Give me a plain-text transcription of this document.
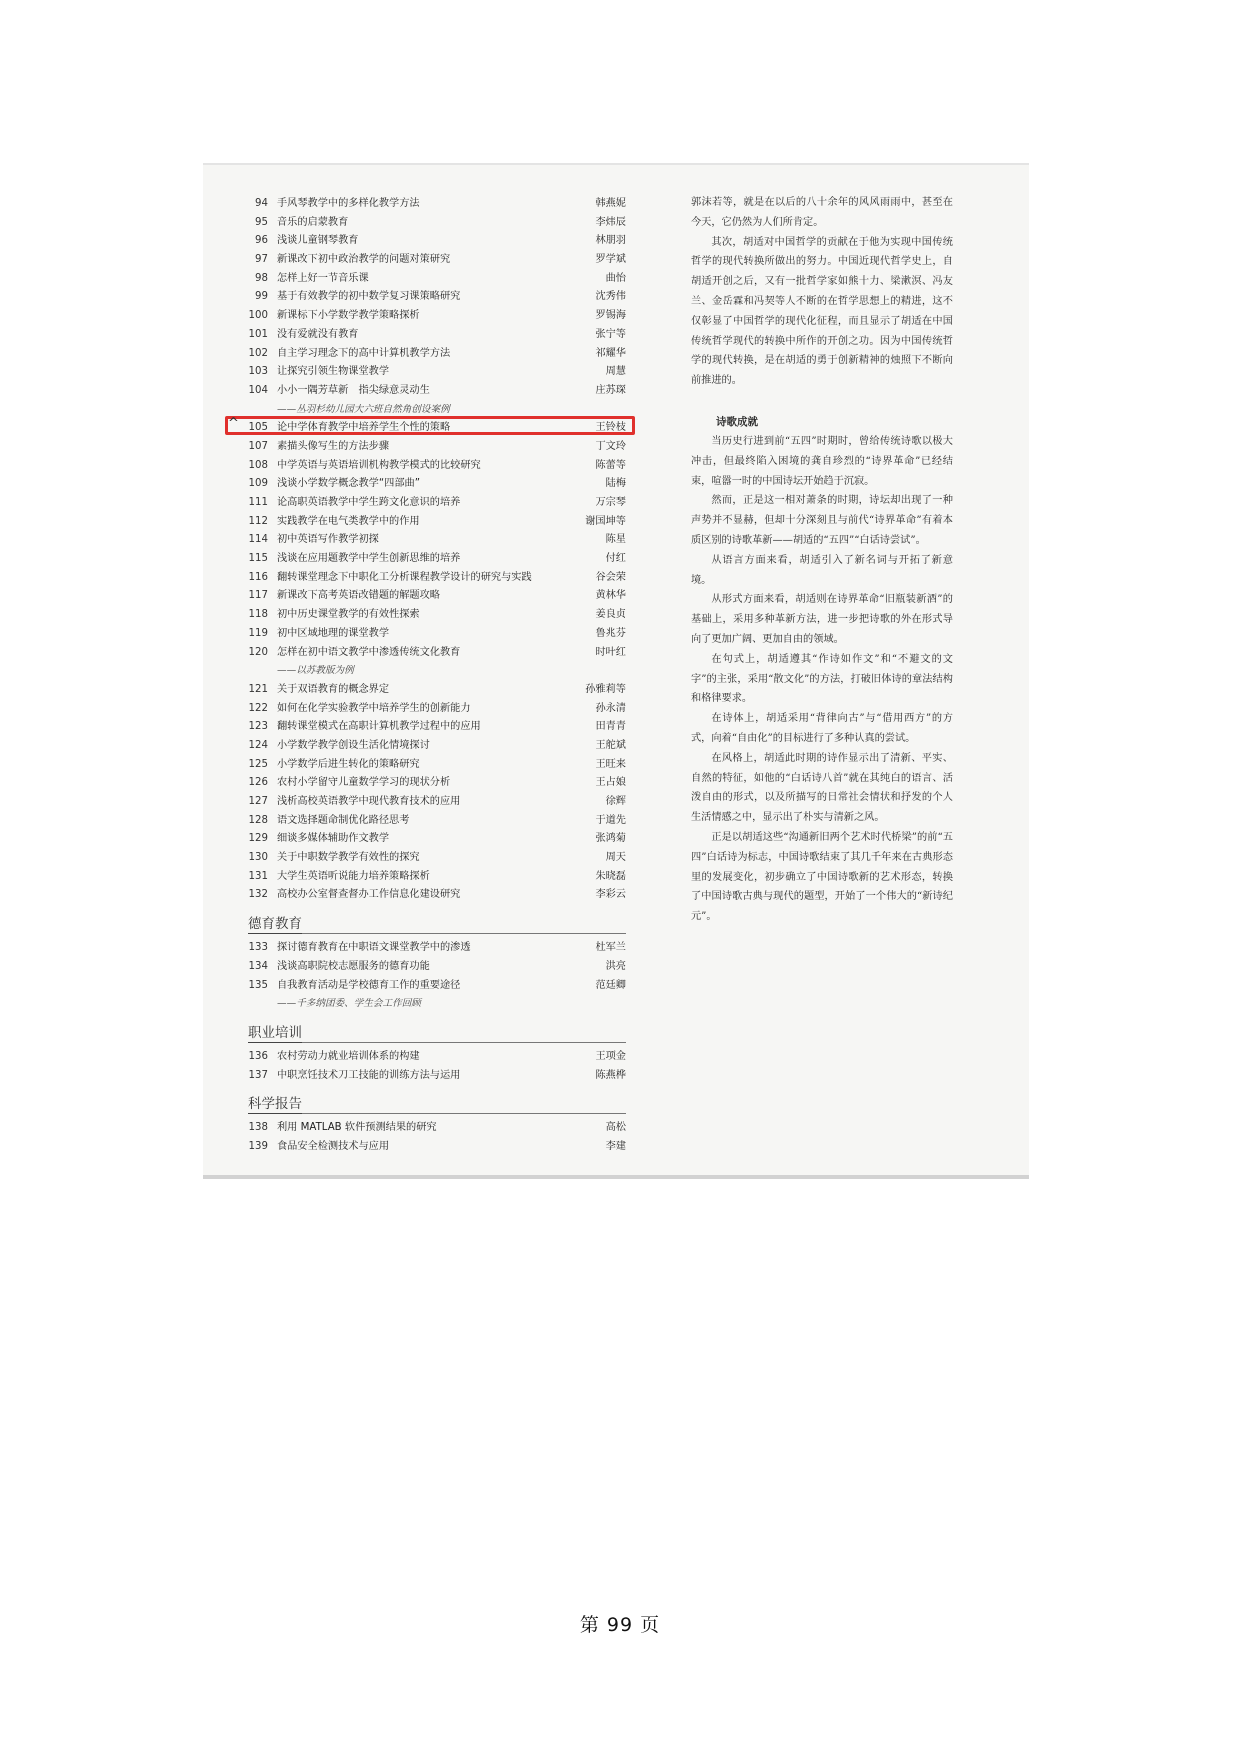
94 手风琴教学中的多样化教学方法	韩燕妮
95 音乐的启蒙教育	李炜辰
96 浅谈儿童钢琴教育	林朋羽
97 新课改下初中政治教学的问题对策研究	罗学斌
98 怎样上好一节音乐课	曲怡
99 基于有效教学的初中数学复习课策略研究	沈秀伟
100 新课标下小学数学教学策略探析	罗锡海
101 没有爱就没有教育	张宁等
102 自主学习理念下的高中计算机教学方法	祁耀华
103 让探究引领生物课堂教学	周慧
104 小小一隅芳草新　指尖绿意灵动生	庄苏琛
——丛羽杉幼儿园大六班自然角创设案例
105 论中学体育教学中培养学生个性的策略	王铃枝
107 素描头像写生的方法步骤	丁文玲
108 中学英语与英语培训机构教学模式的比较研究	陈蕾等
109 浅谈小学数学概念教学“四部曲”	陆梅
111 论高职英语教学中学生跨文化意识的培养	万宗琴
112 实践教学在电气类教学中的作用	谢国坤等
114 初中英语写作教学初探	陈星
115 浅谈在应用题教学中学生创新思维的培养	付红
116 翻转课堂理念下中职化工分析课程教学设计的研究与实践	谷会荣
117 新课改下高考英语改错题的解题攻略	黄林华
118 初中历史课堂教学的有效性探索	姜良贞
119 初中区域地理的课堂教学	鲁兆芬
120 怎样在初中语文教学中渗透传统文化教育	时叶红
——以苏教版为例
121 关于双语教育的概念界定	孙雅莉等
122 如何在化学实验教学中培养学生的创新能力	孙永清
123 翻转课堂模式在高职计算机教学过程中的应用	田青青
124 小学数学教学创设生活化情境探讨	王舵斌
125 小学数学后进生转化的策略研究	王旺来
126 农村小学留守儿童数学学习的现状分析	王占娘
127 浅析高校英语教学中现代教育技术的应用	徐辉
128 语文选择题命制优化路径思考	于道先
129 细谈多媒体辅助作文教学	张鸿菊
130 关于中职数学教学有效性的探究	周天
131 大学生英语听说能力培养策略探析	朱晓磊
132 高校办公室督查督办工作信息化建设研究	李彩云
德育教育
133 探讨德育教育在中职语文课堂教学中的渗透	杜军兰
134 浅谈高职院校志愿服务的德育功能	洪亮
135 自我教育活动是学校德育工作的重要途径	范廷卿
——千多纳团委、学生会工作回顾
职业培训
136 农村劳动力就业培训体系的构建	王项金
137 中职烹饪技术刀工技能的训练方法与运用	陈燕桦
科学报告
138 利用 MATLAB 软件预测结果的研究	高松
139 食品安全检测技术与应用	李建
^

郭沫若等，就是在以后的八十余年的风风雨雨中，甚至在今天，它仍然为人们所肯定。

其次，胡适对中国哲学的贡献在于他为实现中国传统哲学的现代转换所做出的努力。中国近现代哲学史上，自胡适开创之后，又有一批哲学家如熊十力、梁漱溟、冯友兰、金岳霖和冯契等人不断的在哲学思想上的精进，这不仅彰显了中国哲学的现代化征程，而且显示了胡适在中国传统哲学现代的转换中所作的开创之功。因为中国传统哲学的现代转换，是在胡适的勇于创新精神的烛照下不断向前推进的。

诗歌成就

当历史行进到前“五四”时期时，曾给传统诗歌以极大冲击，但最终陷入困境的龚自珍烈的“诗界革命”已经结束，喧嚣一时的中国诗坛开始趋于沉寂。

然而，正是这一相对萧条的时期，诗坛却出现了一种声势并不显赫，但却十分深刻且与前代“诗界革命”有着本质区别的诗歌革新——胡适的“五四”“白话诗尝试”。

从语言方面来看，胡适引入了新名词与开拓了新意境。

从形式方面来看，胡适则在诗界革命“旧瓶装新酒”的基础上，采用多种革新方法，进一步把诗歌的外在形式导向了更加广阔、更加自由的领域。

在句式上，胡适遵其“作诗如作文”和“不避文的文字”的主张，采用“散文化”的方法，打破旧体诗的章法结构和格律要求。

在诗体上，胡适采用“背律向古”与“借用西方”的方式，向着“自由化”的目标进行了多种认真的尝试。

在风格上，胡适此时期的诗作显示出了清新、平实、自然的特征，如他的“白话诗八首”就在其纯白的语言、活泼自由的形式，以及所描写的日常社会情状和抒发的个人生活情感之中，显示出了朴实与清新之风。

正是以胡适这些“沟通新旧两个艺术时代桥梁”的前“五四”白话诗为标志，中国诗歌结束了其几千年来在古典形态里的发展变化，初步确立了中国诗歌新的艺术形态，转换了中国诗歌古典与现代的题型，开始了一个伟大的“新诗纪元”。

第 99 页
